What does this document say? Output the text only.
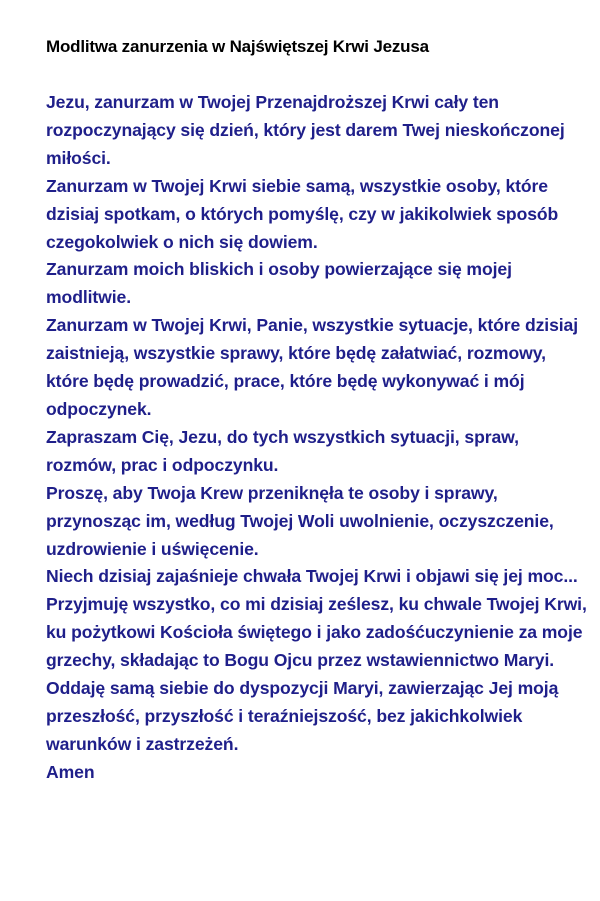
Modlitwa zanurzenia w Najświętszej Krwi Jezusa

Jezu, zanurzam w Twojej Przenajdroższej Krwi cały ten rozpoczynający się dzień, który jest darem Twej nieskończonej miłości.

Zanurzam w Twojej Krwi siebie samą, wszystkie osoby, które dzisiaj spotkam, o których pomyślę, czy w jakikolwiek sposób czegokolwiek o nich się dowiem.

Zanurzam moich bliskich i osoby powierzające się mojej modlitwie.

Zanurzam w Twojej Krwi, Panie, wszystkie sytuacje, które dzisiaj zaistnieją, wszystkie sprawy, które będę załatwiać, rozmowy, które będę prowadzić, prace, które będę wykonywać i mój odpoczynek.

Zapraszam Cię, Jezu, do tych wszystkich sytuacji, spraw, rozmów, prac i odpoczynku.

Proszę, aby Twoja Krew przeniknęła te osoby i sprawy, przynosząc im, według Twojej Woli uwolnienie, oczyszczenie, uzdrowienie i uświęcenie.

Niech dzisiaj zajaśnieje chwała Twojej Krwi i objawi się jej moc...

Przyjmuję wszystko, co mi dzisiaj ześlesz, ku chwale Twojej Krwi, ku pożytkowi Kościoła świętego i jako zadośćuczynienie za moje grzechy, składając to Bogu Ojcu przez wstawiennictwo Maryi.

Oddaję samą siebie do dyspozycji Maryi, zawierzając Jej moją przeszłość, przyszłość i teraźniejszość, bez jakichkolwiek warunków i zastrzeżeń.

Amen
